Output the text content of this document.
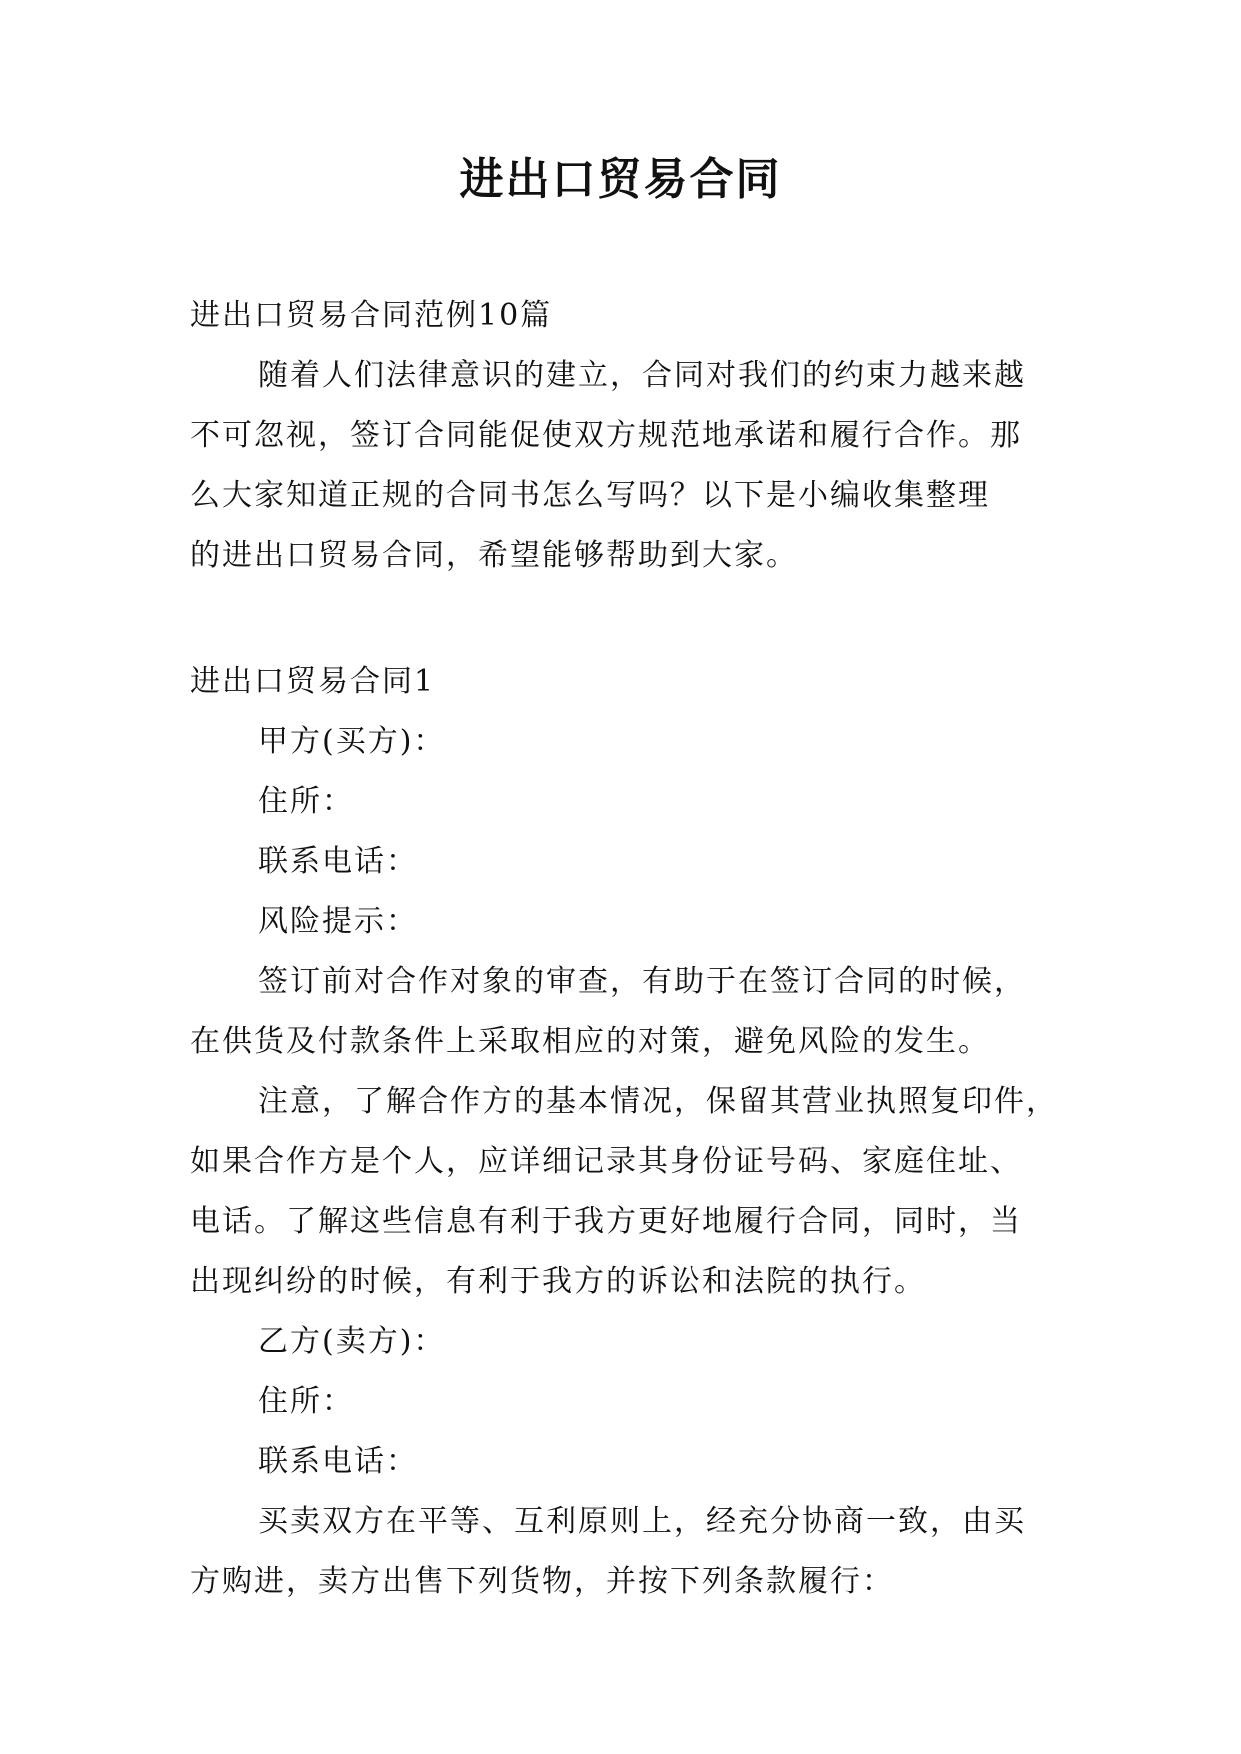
进出口贸易合同

进出口贸易合同范例10篇

随着人们法律意识的建立，合同对我们的约束力越来越

不可忽视，签订合同能促使双方规范地承诺和履行合作。那

么大家知道正规的合同书怎么写吗？以下是小编收集整理

的进出口贸易合同，希望能够帮助到大家。

进出口贸易合同1

甲方(买方)：

住所：

联系电话：

风险提示：

签订前对合作对象的审查，有助于在签订合同的时候，

在供货及付款条件上采取相应的对策，避免风险的发生。

注意，了解合作方的基本情况，保留其营业执照复印件，

如果合作方是个人，应详细记录其身份证号码、家庭住址、

电话。了解这些信息有利于我方更好地履行合同，同时，当

出现纠纷的时候，有利于我方的诉讼和法院的执行。

乙方(卖方)：

住所：

联系电话：

买卖双方在平等、互利原则上，经充分协商一致，由买

方购进，卖方出售下列货物，并按下列条款履行：
